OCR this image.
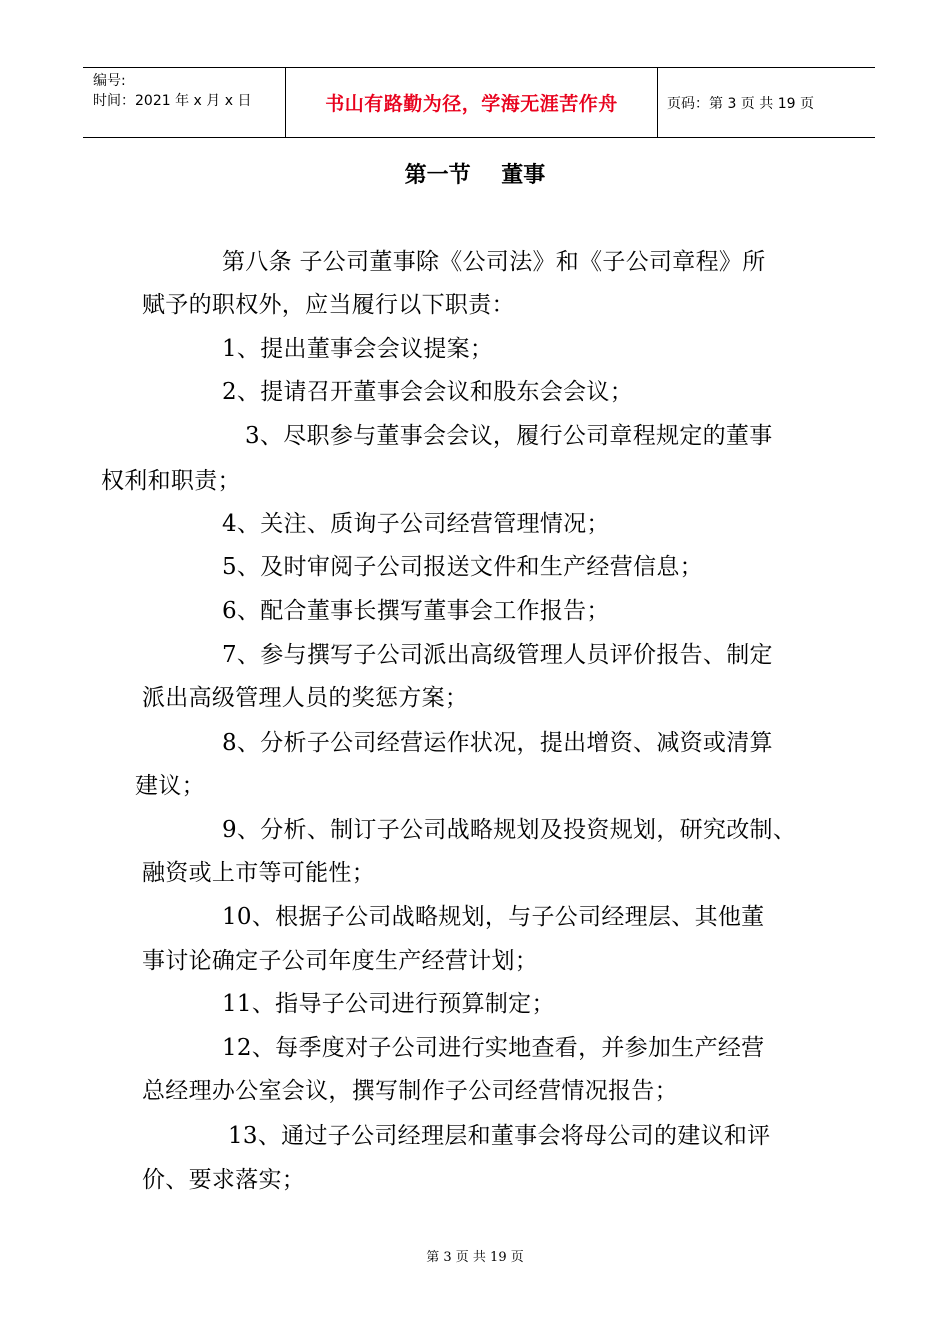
编号:
时间：2021 年 x 月 x 日	书山有路勤为径，学海无涯苦作舟	页码：第 3 页 共 19 页
第一节    董事
第八条 子公司董事除《公司法》和《子公司章程》所
赋予的职权外，应当履行以下职责：
1、提出董事会会议提案；
2、提请召开董事会会议和股东会会议；
3、尽职参与董事会会议，履行公司章程规定的董事
权利和职责；
4、关注、质询子公司经营管理情况；
5、及时审阅子公司报送文件和生产经营信息；
6、配合董事长撰写董事会工作报告；
7、参与撰写子公司派出高级管理人员评价报告、制定
派出高级管理人员的奖惩方案；
8、分析子公司经营运作状况，提出增资、减资或清算
建议；
9、分析、制订子公司战略规划及投资规划，研究改制、
融资或上市等可能性；
10、根据子公司战略规划，与子公司经理层、其他董
事讨论确定子公司年度生产经营计划；
11、指导子公司进行预算制定；
12、每季度对子公司进行实地查看，并参加生产经营
总经理办公室会议，撰写制作子公司经营情况报告；
13、通过子公司经理层和董事会将母公司的建议和评
价、要求落实；
第 3 页 共 19 页
